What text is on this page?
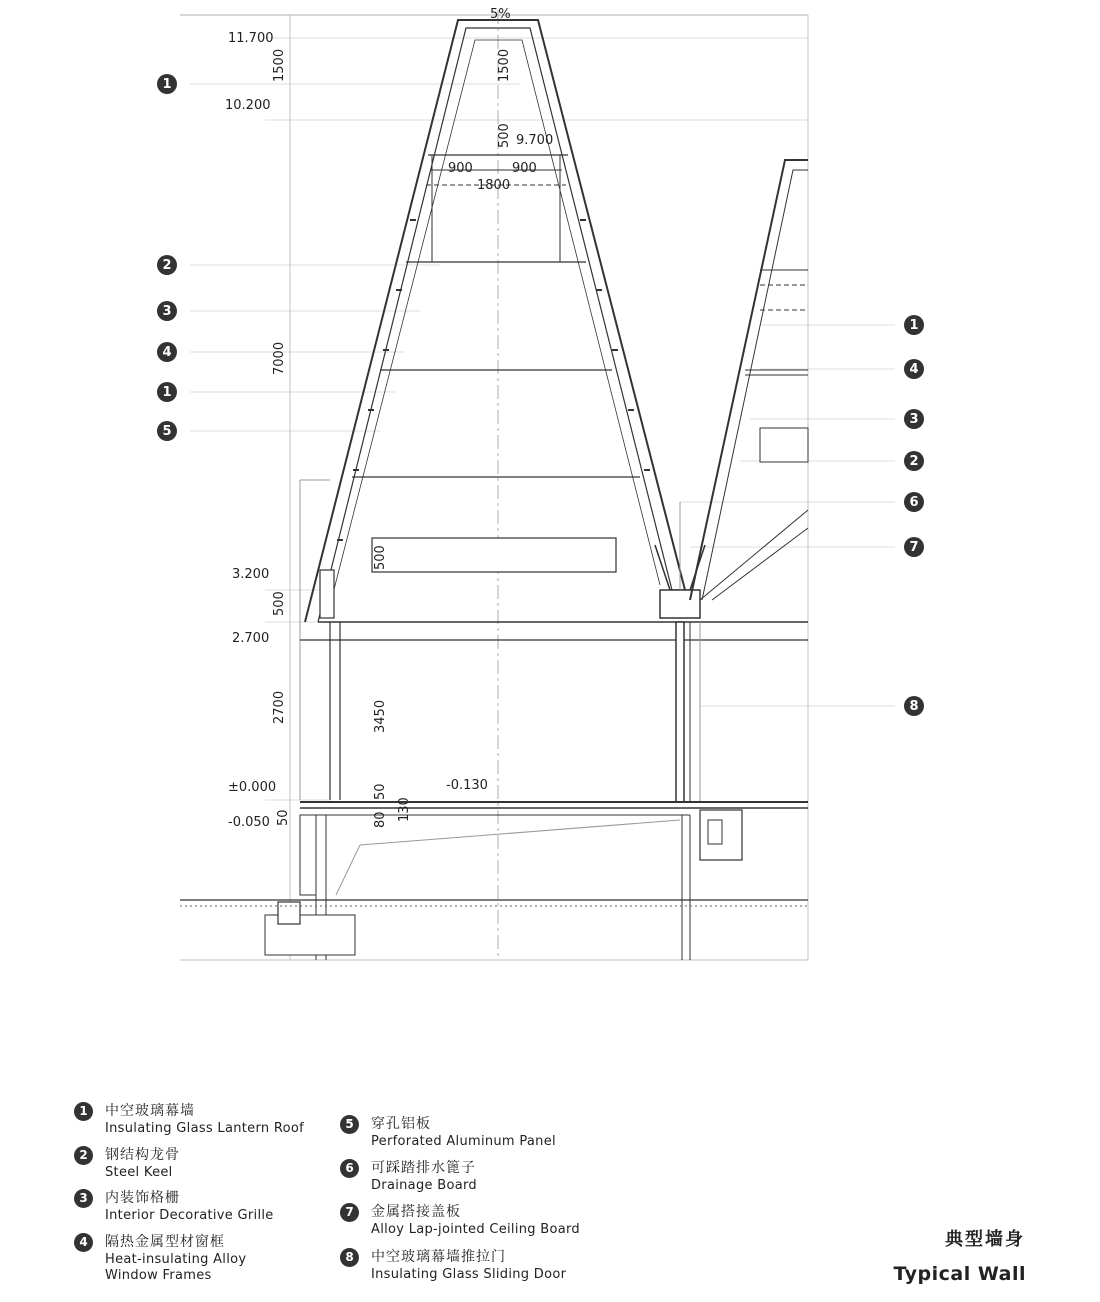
5%
11.700
10.200
9.700
3.200
2.700
±0.000
-0.050
-0.130
900	900
1800
1500	1500
500
7000
500
500
2700	3450
50
50	80 130
1
2
3
4
1
5
1
4
3
2
6
7
8
1	中空玻璃幕墙
Insulating Glass Lantern Roof
2	钢结构龙骨
Steel Keel
3	内装饰格栅
Interior Decorative Grille
4	隔热金属型材窗框
Heat-insulating Alloy
Window Frames
5	穿孔铝板
Perforated Aluminum Panel
6	可踩踏排水篦子
Drainage Board
7	金属搭接盖板
Alloy Lap-jointed Ceiling Board
8	中空玻璃幕墙推拉门
Insulating Glass Sliding Door
典型墙身
Typical Wall
